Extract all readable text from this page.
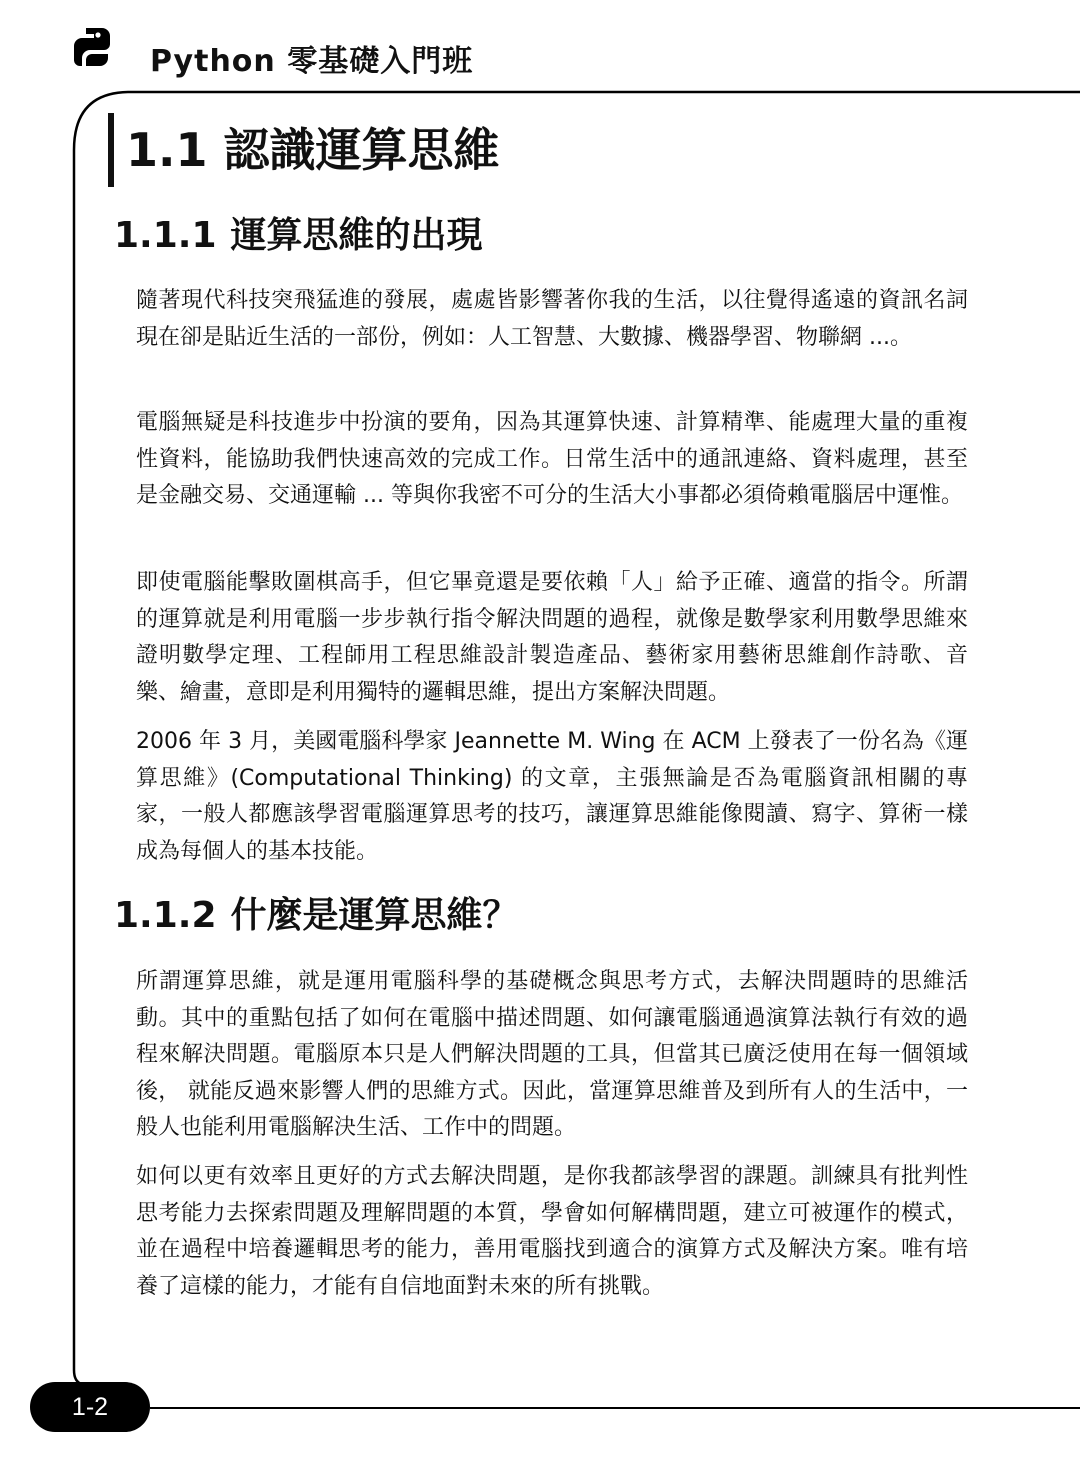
Python 零基礎入門班
1.1 認識運算思維
1.1.1 運算思維的出現

隨著現代科技突飛猛進的發展，處處皆影響著你我的生活，以往覺得遙遠的資訊名詞現在卻是貼近生活的一部份，例如：人工智慧、大數據、機器學習、物聯網 ...。

電腦無疑是科技進步中扮演的要角，因為其運算快速、計算精準、能處理大量的重複性資料，能協助我們快速高效的完成工作。日常生活中的通訊連絡、資料處理，甚至是金融交易、交通運輸 ... 等與你我密不可分的生活大小事都必須倚賴電腦居中運惟。

即使電腦能擊敗圍棋高手，但它畢竟還是要依賴「人」給予正確、適當的指令。所謂的運算就是利用電腦一步步執行指令解決問題的過程，就像是數學家利用數學思維來證明數學定理、工程師用工程思維設計製造產品、藝術家用藝術思維創作詩歌、音樂、繪畫，意即是利用獨特的邏輯思維，提出方案解決問題。

2006 年 3 月，美國電腦科學家 Jeannette M. Wing 在 ACM 上發表了一份名為《運算思維》(Computational Thinking) 的文章，主張無論是否為電腦資訊相關的專家，一般人都應該學習電腦運算思考的技巧，讓運算思維能像閱讀、寫字、算術一樣成為每個人的基本技能。

1.1.2 什麼是運算思維？

所謂運算思維，就是運用電腦科學的基礎概念與思考方式，去解決問題時的思維活動。其中的重點包括了如何在電腦中描述問題、如何讓電腦通過演算法執行有效的過程來解決問題。電腦原本只是人們解決問題的工具，但當其已廣泛使用在每一個領域後， 就能反過來影響人們的思維方式。因此，當運算思維普及到所有人的生活中，一般人也能利用電腦解決生活、工作中的問題。

如何以更有效率且更好的方式去解決問題，是你我都該學習的課題。訓練具有批判性思考能力去探索問題及理解問題的本質，學會如何解構問題，建立可被運作的模式，並在過程中培養邏輯思考的能力，善用電腦找到適合的演算方式及解決方案。唯有培養了這樣的能力，才能有自信地面對未來的所有挑戰。

1-2
